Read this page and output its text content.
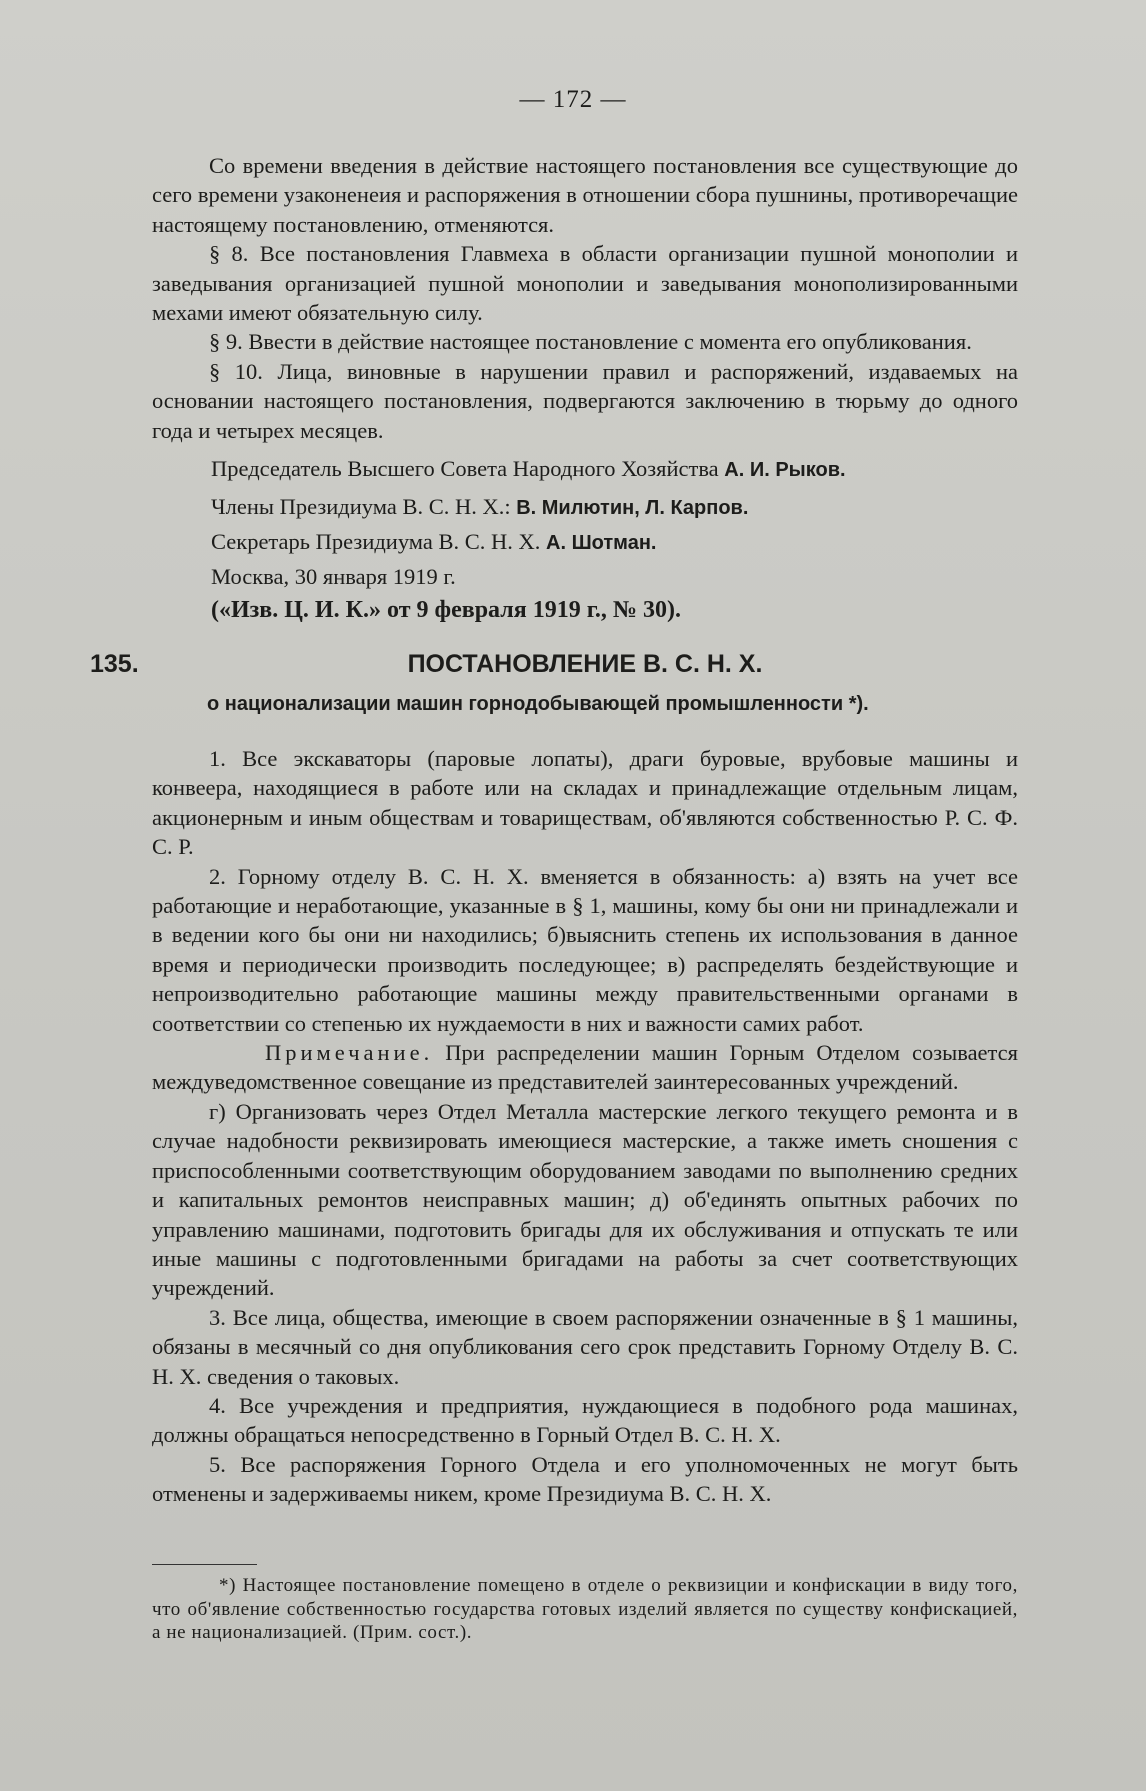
— 172 —

Со времени введения в действие настоящего постановления все существующие до сего времени узаконенеия и распоряжения в отношении сбора пушнины, противоречащие настоящему постановлению, отменяются.

§ 8. Все постановления Главмеха в области организации пушной монополии и заведывания организацией пушной монополии и заведывания монополизированными мехами имеют обязательную силу.

§ 9. Ввести в действие настоящее постановление с момента его опубликования.

§ 10. Лица, виновные в нарушении правил и распоряжений, издаваемых на основании настоящего постановления, подвергаются заключению в тюрьму до одного года и четырех месяцев.

Председатель Высшего Совета Народного Хозяйства А. И. Рыков.
Члены Президиума В. С. Н. Х.: В. Милютин, Л. Карпов.
Секретарь Президиума В. С. Н. Х. А. Шотман.
Москва, 30 января 1919 г.
(«Изв. Ц. И. К.» от 9 февраля 1919 г., № 30).
135.	ПОСТАНОВЛЕНИЕ В. С. Н. Х.
о национализации машин горнодобывающей промышленности *).

1. Все экскаваторы (паровые лопаты), драги буровые, врубовые машины и конвеера, находящиеся в работе или на складах и принадлежащие отдельным лицам, акционерным и иным обществам и товариществам, об'являются собственностью Р. С. Ф. С. Р.

2. Горному отделу В. С. Н. Х. вменяется в обязанность: а) взять на учет все работающие и неработающие, указанные в § 1, машины, кому бы они ни принадлежали и в ведении кого бы они ни находились; б)выяснить степень их использования в данное время и периодически производить последующее; в) распределять бездействующие и непроизводительно работающие машины между правительственными органами в соответствии со степенью их нуждаемости в них и важности самих работ.

Примечание. При распределении машин Горным Отделом созывается междуведомственное совещание из представителей заинтересованных учреждений.

г) Организовать через Отдел Металла мастерские легкого текущего ремонта и в случае надобности реквизировать имеющиеся мастерские, а также иметь сношения с приспособленными соответствующим оборудованием заводами по выполнению средних и капитальных ремонтов неисправных машин; д) об'единять опытных рабочих по управлению машинами, подготовить бригады для их обслуживания и отпускать те или иные машины с подготовленными бригадами на работы за счет соответствующих учреждений.

3. Все лица, общества, имеющие в своем распоряжении означенные в § 1 машины, обязаны в месячный со дня опубликования сего срок представить Горному Отделу В. С. Н. Х. сведения о таковых.

4. Все учреждения и предприятия, нуждающиеся в подобного рода машинах, должны обращаться непосредственно в Горный Отдел В. С. Н. Х.

5. Все распоряжения Горного Отдела и его уполномоченных не могут быть отменены и задерживаемы никем, кроме Президиума В. С. Н. Х.

*) Настоящее постановление помещено в отделе о реквизиции и конфискации в виду того, что об'явление собственностью государства готовых изделий является по существу конфискацией, а не национализацией. (Прим. сост.).
